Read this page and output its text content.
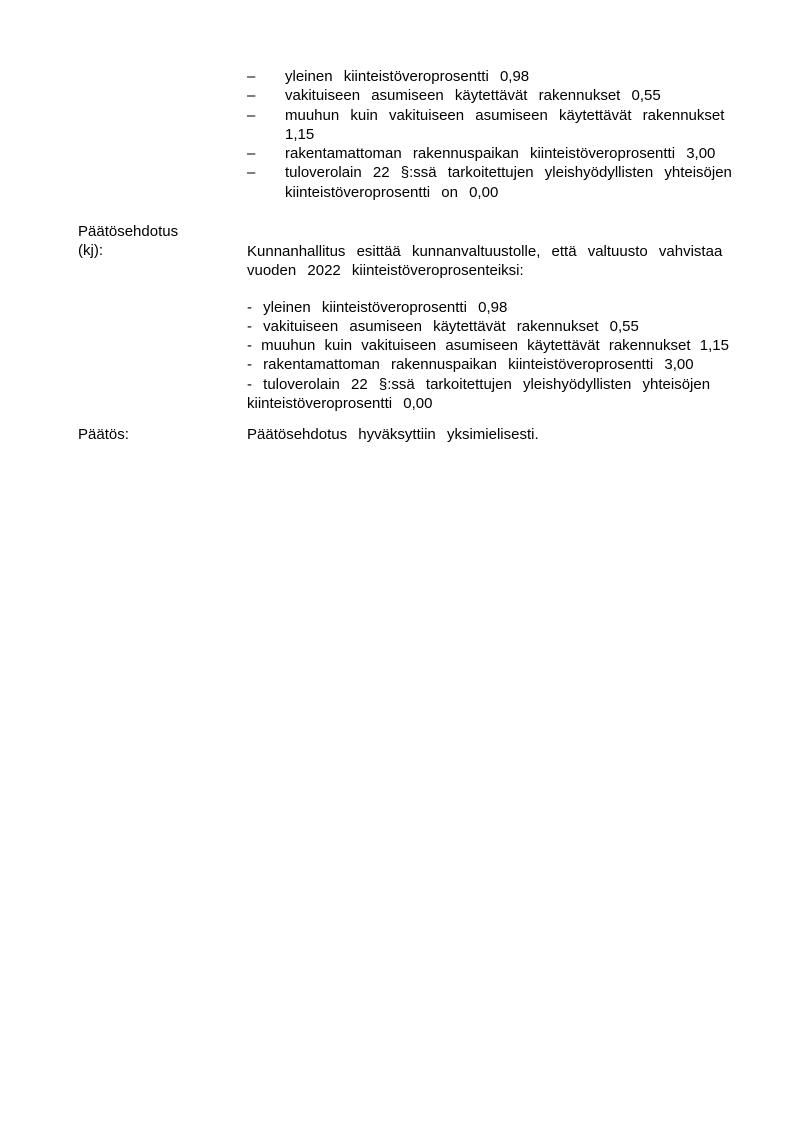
–	yleinen kiinteistöveroprosentti 0,98
–	vakituiseen asumiseen käytettävät rakennukset 0,55
–	muuhun kuin vakituiseen asumiseen käytettävät rakennukset
1,15
–	rakentamattoman rakennuspaikan kiinteistöveroprosentti 3,00
–	tuloverolain 22 §:ssä tarkoitettujen yleishyödyllisten yhteisöjen
kiinteistöveroprosentti on 0,00
Päätösehdotus
(kj):	Kunnanhallitus esittää kunnanvaltuustolle, että valtuusto vahvistaa
vuoden 2022 kiinteistöveroprosenteiksi:
- yleinen kiinteistöveroprosentti 0,98
- vakituiseen asumiseen käytettävät rakennukset 0,55
- muuhun kuin vakituiseen asumiseen käytettävät rakennukset 1,15
- rakentamattoman rakennuspaikan kiinteistöveroprosentti 3,00
- tuloverolain 22 §:ssä tarkoitettujen yleishyödyllisten yhteisöjen
kiinteistöveroprosentti 0,00
Päätös:	Päätösehdotus hyväksyttiin yksimielisesti.
